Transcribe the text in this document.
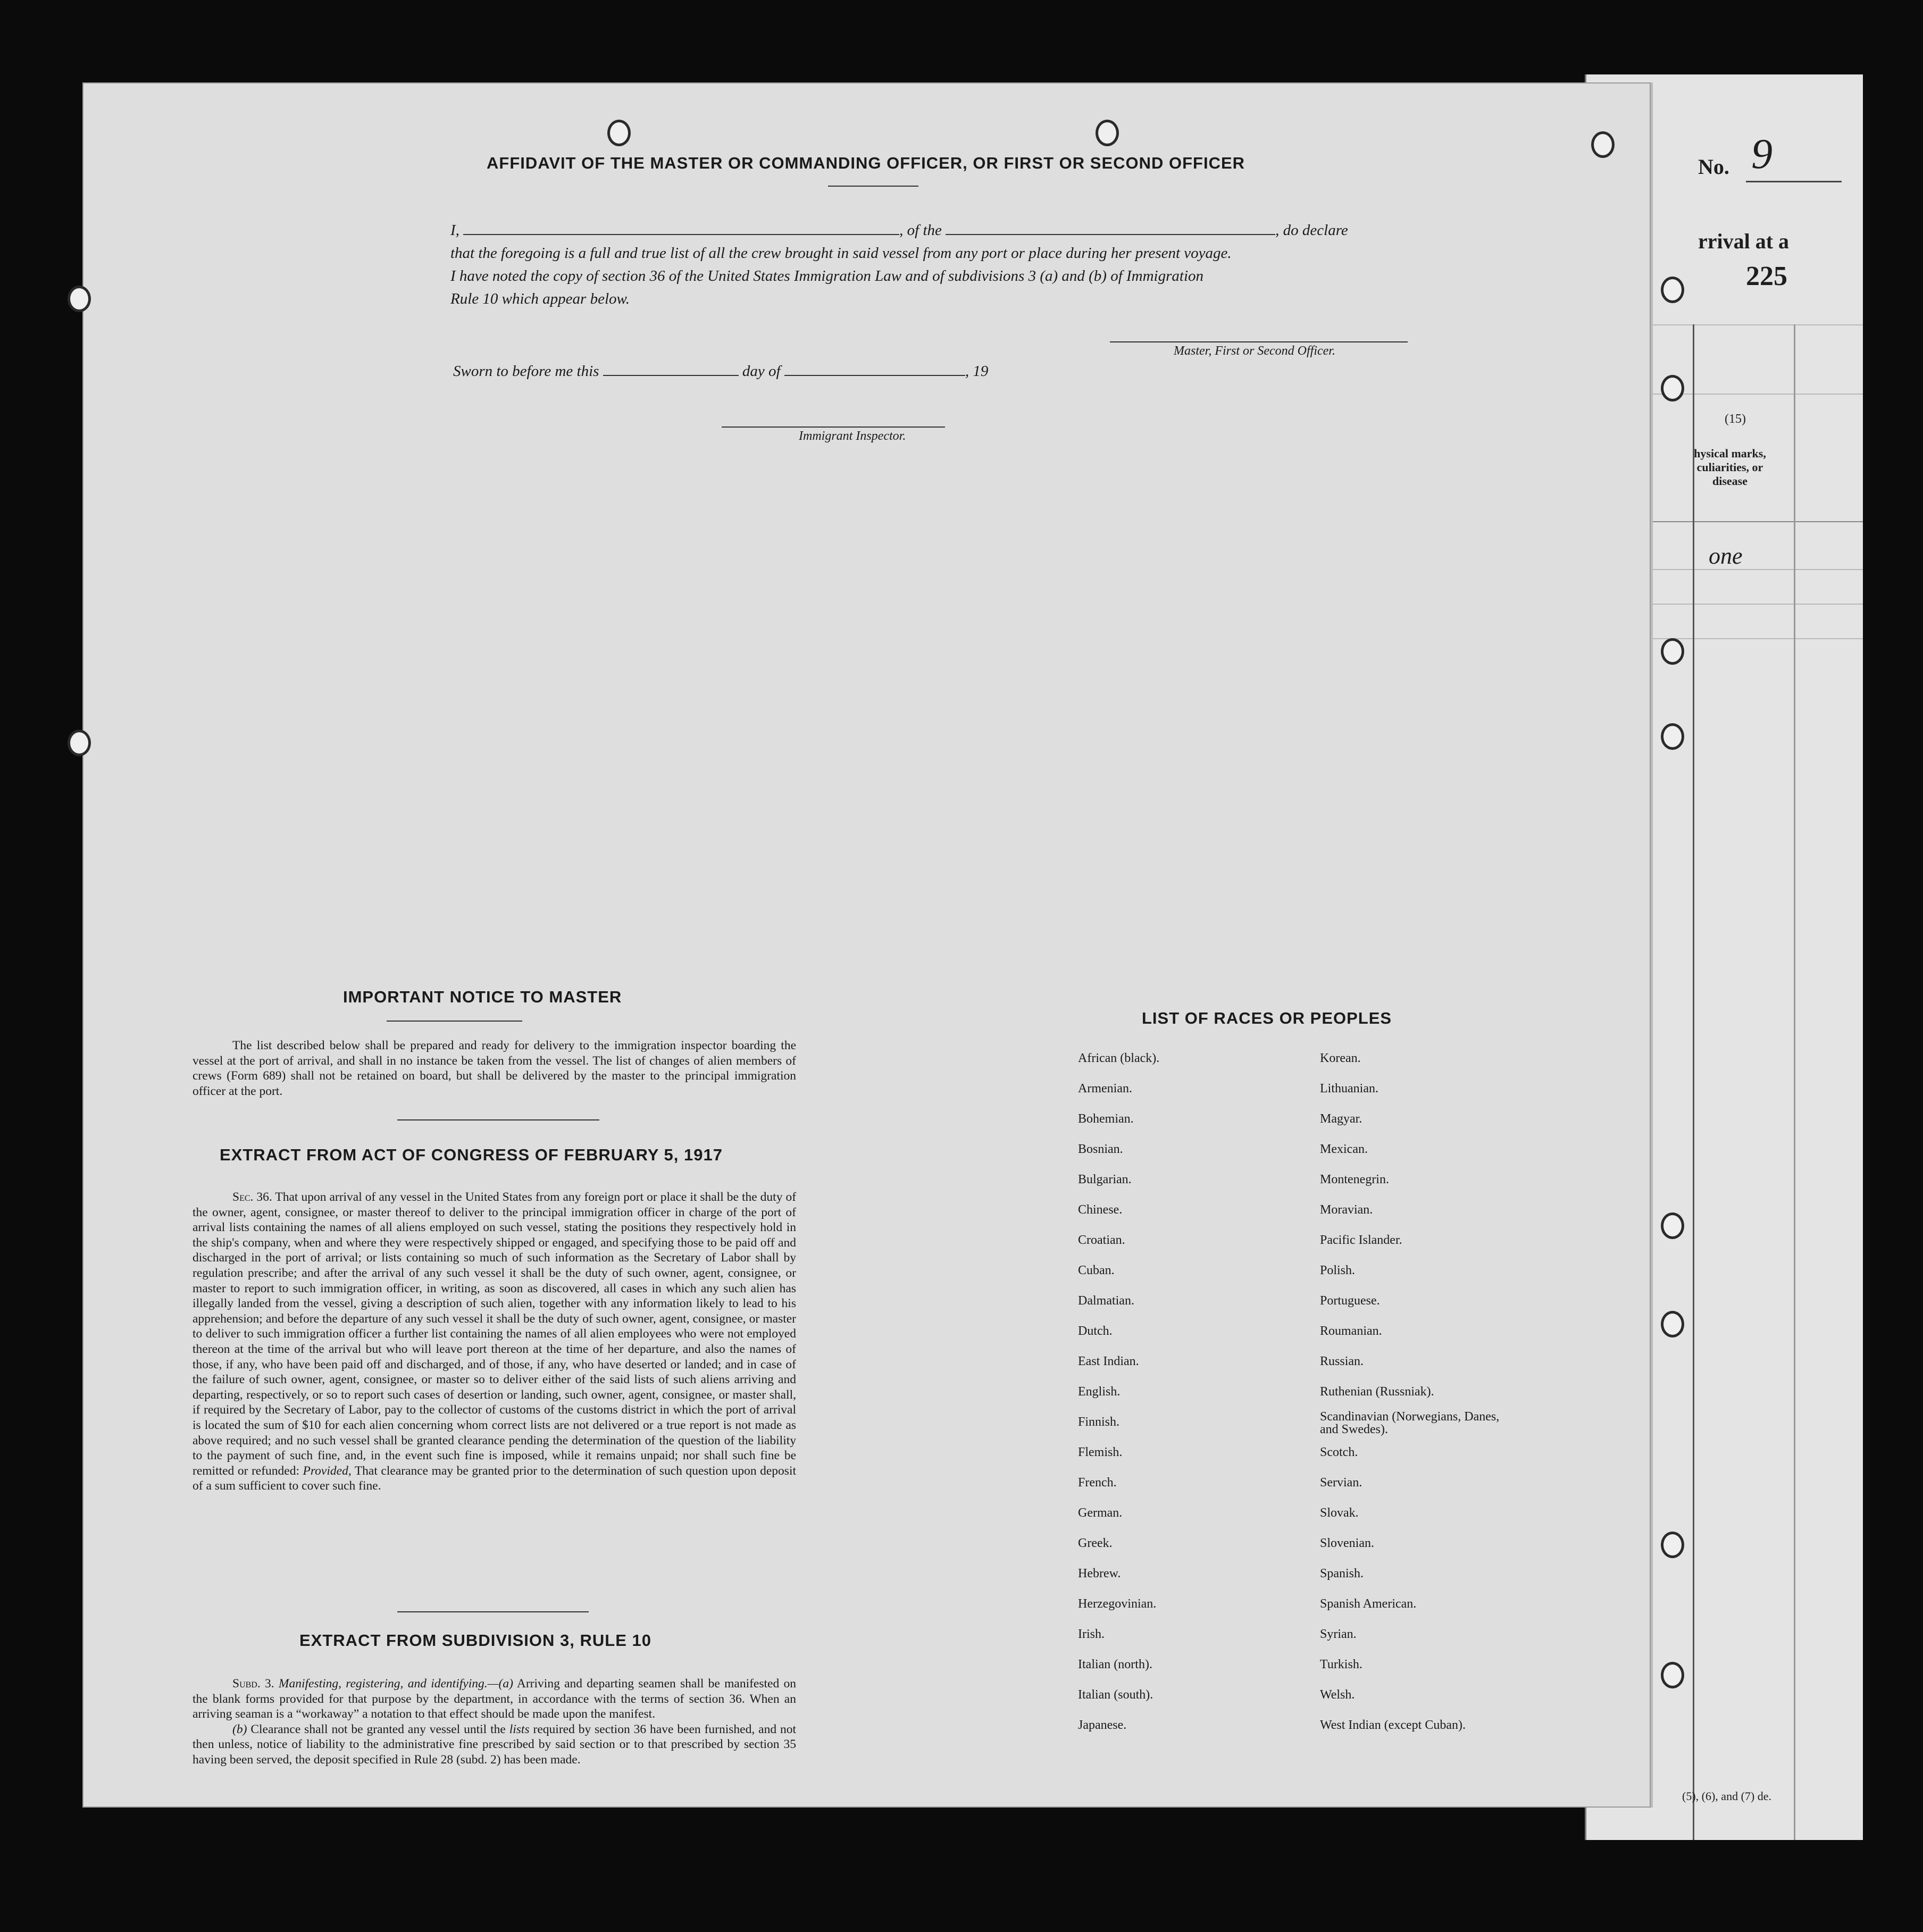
No. 9
rrival at a
225
(15)
hysical marks, culiarities, or disease
one
(5), (6), and (7) de.
AFFIDAVIT OF THE MASTER OR COMMANDING OFFICER, OR FIRST OR SECOND OFFICER
I,	, of the	, do declare
that the foregoing is a full and true list of all the crew brought in said vessel from any port or place during her present voyage.
I have noted the copy of section 36 of the United States Immigration Law and of subdivisions 3 (a) and (b) of Immigration
Rule 10 which appear below.
Master, First or Second Officer.
Sworn to before me this	day of	, 19
Immigrant Inspector.
IMPORTANT NOTICE TO MASTER
The list described below shall be prepared and ready for delivery to the immigration inspector boarding the vessel at the port of arrival, and shall in no instance be taken from the vessel. The list of changes of alien members of crews (Form 689) shall not be retained on board, but shall be delivered by the master to the principal immigration officer at the port.
EXTRACT FROM ACT OF CONGRESS OF FEBRUARY 5, 1917
Sec. 36. That upon arrival of any vessel in the United States from any foreign port or place it shall be the duty of the owner, agent, consignee, or master thereof to deliver to the principal immigration officer in charge of the port of arrival lists containing the names of all aliens employed on such vessel, stating the positions they respectively hold in the ship's company, when and where they were respectively shipped or engaged, and specifying those to be paid off and discharged in the port of arrival; or lists containing so much of such information as the Secretary of Labor shall by regulation prescribe; and after the arrival of any such vessel it shall be the duty of such owner, agent, consignee, or master to report to such immigration officer, in writing, as soon as discovered, all cases in which any such alien has illegally landed from the vessel, giving a description of such alien, together with any information likely to lead to his apprehension; and before the departure of any such vessel it shall be the duty of such owner, agent, consignee, or master to deliver to such immigration officer a further list containing the names of all alien employees who were not employed thereon at the time of the arrival but who will leave port thereon at the time of her departure, and also the names of those, if any, who have been paid off and discharged, and of those, if any, who have deserted or landed; and in case of the failure of such owner, agent, consignee, or master so to deliver either of the said lists of such aliens arriving and departing, respectively, or so to report such cases of desertion or landing, such owner, agent, consignee, or master shall, if required by the Secretary of Labor, pay to the collector of customs of the customs district in which the port of arrival is located the sum of $10 for each alien concerning whom correct lists are not delivered or a true report is not made as above required; and no such vessel shall be granted clearance pending the determination of the question of the liability to the payment of such fine, and, in the event such fine is imposed, while it remains unpaid; nor shall such fine be remitted or refunded: Provided, That clearance may be granted prior to the determination of such question upon deposit of a sum sufficient to cover such fine.
EXTRACT FROM SUBDIVISION 3, RULE 10
Subd. 3. Manifesting, registering, and identifying.—(a) Arriving and departing seamen shall be manifested on the blank forms provided for that purpose by the department, in accordance with the terms of section 36. When an arriving seaman is a “workaway” a notation to that effect should be made upon the manifest.
(b) Clearance shall not be granted any vessel until the lists required by section 36 have been furnished, and not then unless, notice of liability to the administrative fine prescribed by said section or to that prescribed by section 35 having been served, the deposit specified in Rule 28 (subd. 2) has been made.
LIST OF RACES OR PEOPLES
African (black).
Armenian.
Bohemian.
Bosnian.
Bulgarian.
Chinese.
Croatian.
Cuban.
Dalmatian.
Dutch.
East Indian.
English.
Finnish.
Flemish.
French.
German.
Greek.
Hebrew.
Herzegovinian.
Irish.
Italian (north).
Italian (south).
Japanese.
Korean.
Lithuanian.
Magyar.
Mexican.
Montenegrin.
Moravian.
Pacific Islander.
Polish.
Portuguese.
Roumanian.
Russian.
Ruthenian (Russniak).
Scandinavian (Norwegians, Danes, and Swedes).
Scotch.
Servian.
Slovak.
Slovenian.
Spanish.
Spanish American.
Syrian.
Turkish.
Welsh.
West Indian (except Cuban).
